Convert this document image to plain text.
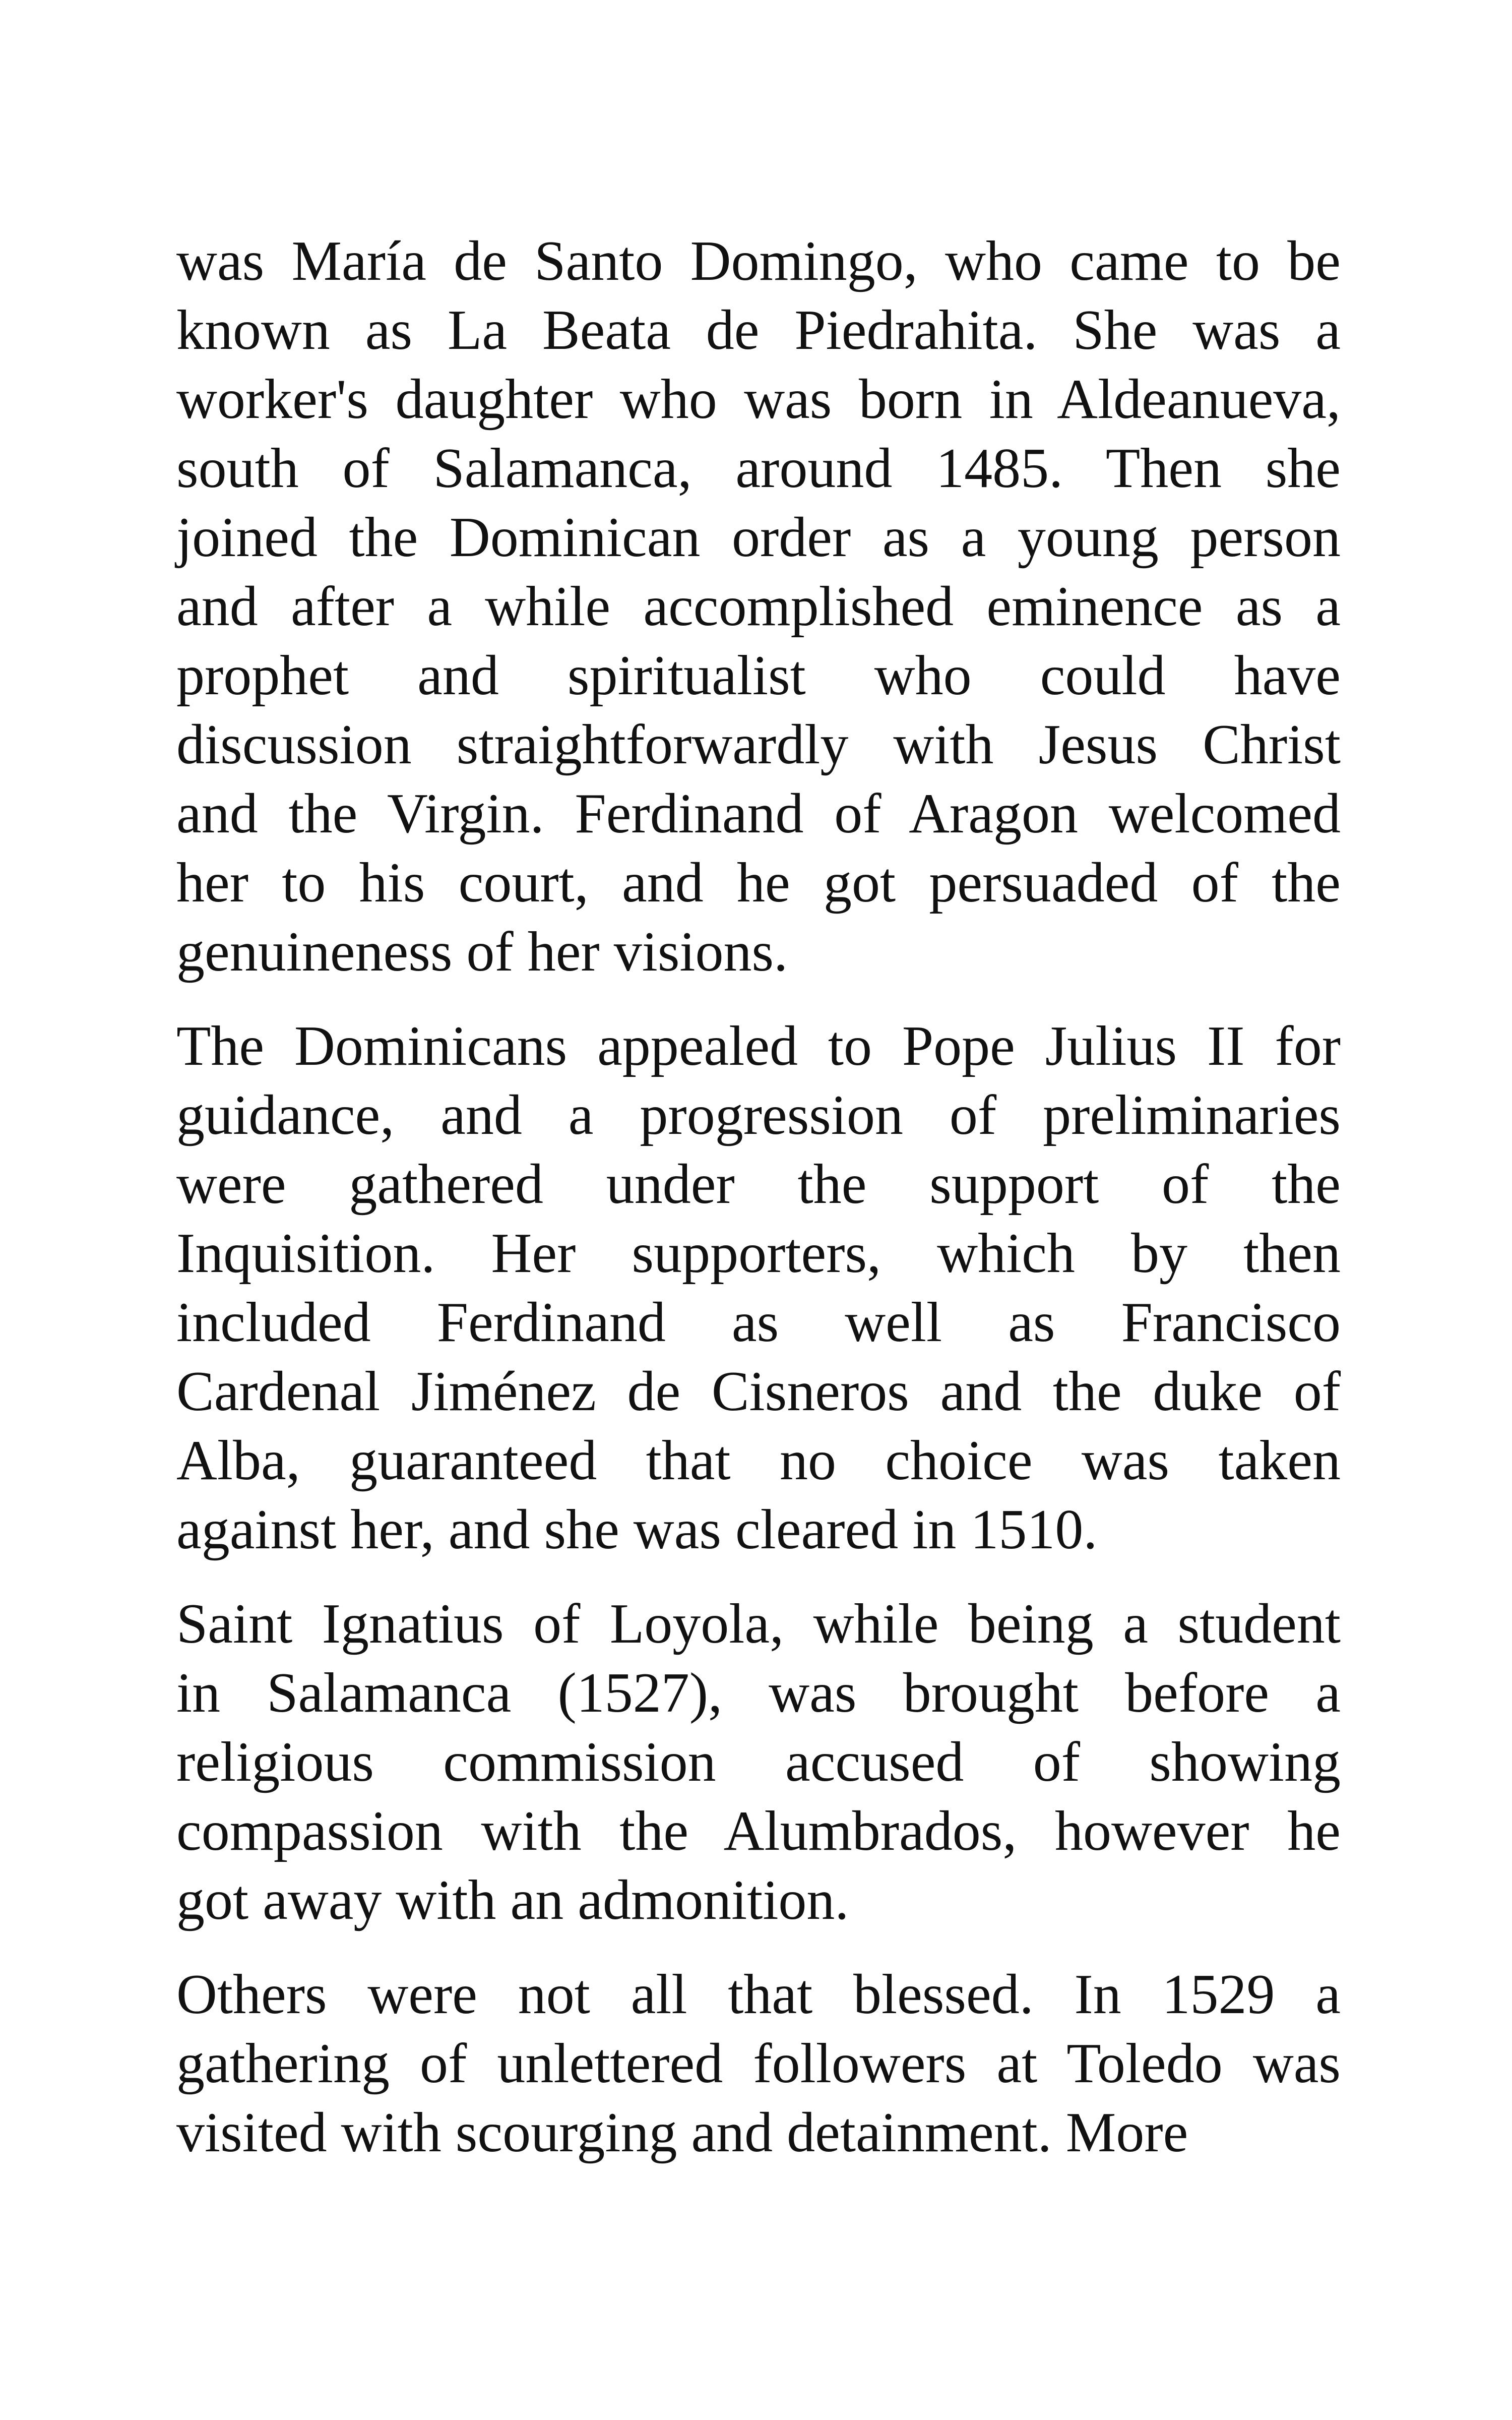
was María de Santo Domingo, who came to be
known as La Beata de Piedrahita. She was a
worker's daughter who was born in Aldeanueva,
south of Salamanca, around 1485. Then she
joined the Dominican order as a young person
and after a while accomplished eminence as a
prophet and spiritualist who could have
discussion straightforwardly with Jesus Christ
and the Virgin. Ferdinand of Aragon welcomed
her to his court, and he got persuaded of the
genuineness of her visions.

The Dominicans appealed to Pope Julius II for
guidance, and a progression of preliminaries
were gathered under the support of the
Inquisition. Her supporters, which by then
included Ferdinand as well as Francisco
Cardenal Jiménez de Cisneros and the duke of
Alba, guaranteed that no choice was taken
against her, and she was cleared in 1510.

Saint Ignatius of Loyola, while being a student
in Salamanca (1527), was brought before a
religious commission accused of showing
compassion with the Alumbrados, however he
got away with an admonition.

Others were not all that blessed. In 1529 a
gathering of unlettered followers at Toledo was
visited with scourging and detainment. More
